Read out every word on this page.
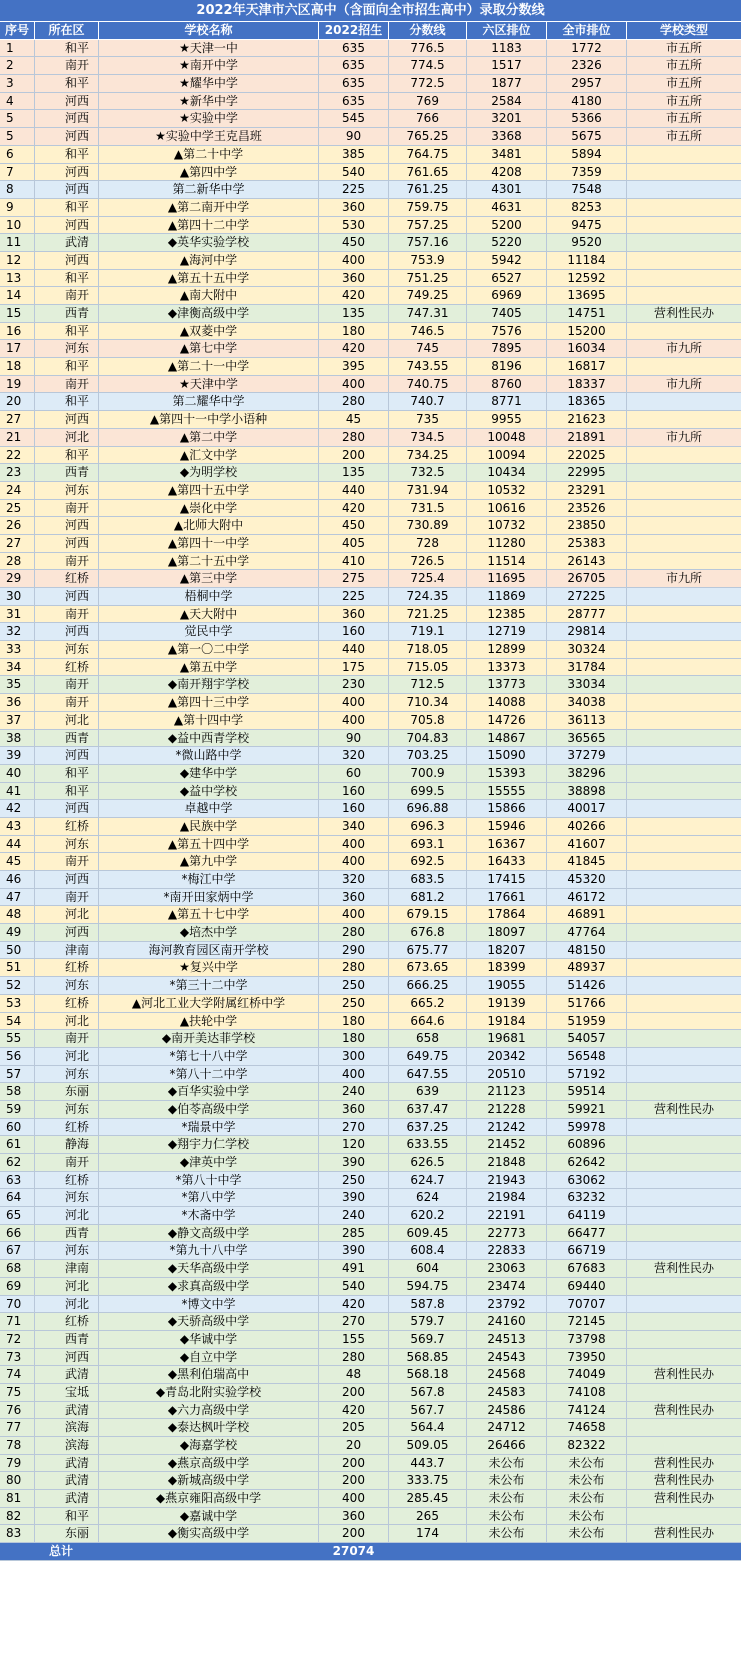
2022年天津市六区高中（含面向全市招生高中）录取分数线
序号	所在区	学校名称	2022招生	分数线	六区排位	全市排位	学校类型
1	和平	★天津一中	635	776.5	1183	1772	市五所
2	南开	★南开中学	635	774.5	1517	2326	市五所
3	和平	★耀华中学	635	772.5	1877	2957	市五所
4	河西	★新华中学	635	769	2584	4180	市五所
5	河西	★实验中学	545	766	3201	5366	市五所
5	河西	★实验中学王克昌班	90	765.25	3368	5675	市五所
6	和平	▲第二十中学	385	764.75	3481	5894
7	河西	▲第四中学	540	761.65	4208	7359
8	河西	第二新华中学	225	761.25	4301	7548
9	和平	▲第二南开中学	360	759.75	4631	8253
10	河西	▲第四十二中学	530	757.25	5200	9475
11	武清	◆英华实验学校	450	757.16	5220	9520
12	河西	▲海河中学	400	753.9	5942	11184
13	和平	▲第五十五中学	360	751.25	6527	12592
14	南开	▲南大附中	420	749.25	6969	13695
15	西青	◆津衡高级中学	135	747.31	7405	14751	营利性民办
16	和平	▲双菱中学	180	746.5	7576	15200
17	河东	▲第七中学	420	745	7895	16034	市九所
18	和平	▲第二十一中学	395	743.55	8196	16817
19	南开	★天津中学	400	740.75	8760	18337	市九所
20	和平	第二耀华中学	280	740.7	8771	18365
27	河西	▲第四十一中学小语种	45	735	9955	21623
21	河北	▲第二中学	280	734.5	10048	21891	市九所
22	和平	▲汇文中学	200	734.25	10094	22025
23	西青	◆为明学校	135	732.5	10434	22995
24	河东	▲第四十五中学	440	731.94	10532	23291
25	南开	▲崇化中学	420	731.5	10616	23526
26	河西	▲北师大附中	450	730.89	10732	23850
27	河西	▲第四十一中学	405	728	11280	25383
28	南开	▲第二十五中学	410	726.5	11514	26143
29	红桥	▲第三中学	275	725.4	11695	26705	市九所
30	河西	梧桐中学	225	724.35	11869	27225
31	南开	▲天大附中	360	721.25	12385	28777
32	河西	觉民中学	160	719.1	12719	29814
33	河东	▲第一〇二中学	440	718.05	12899	30324
34	红桥	▲第五中学	175	715.05	13373	31784
35	南开	◆南开翔宇学校	230	712.5	13773	33034
36	南开	▲第四十三中学	400	710.34	14088	34038
37	河北	▲第十四中学	400	705.8	14726	36113
38	西青	◆益中西青学校	90	704.83	14867	36565
39	河西	*微山路中学	320	703.25	15090	37279
40	和平	◆建华中学	60	700.9	15393	38296
41	和平	◆益中学校	160	699.5	15555	38898
42	河西	卓越中学	160	696.88	15866	40017
43	红桥	▲民族中学	340	696.3	15946	40266
44	河东	▲第五十四中学	400	693.1	16367	41607
45	南开	▲第九中学	400	692.5	16433	41845
46	河西	*梅江中学	320	683.5	17415	45320
47	南开	*南开田家炳中学	360	681.2	17661	46172
48	河北	▲第五十七中学	400	679.15	17864	46891
49	河西	◆培杰中学	280	676.8	18097	47764
50	津南	海河教育园区南开学校	290	675.77	18207	48150
51	红桥	★复兴中学	280	673.65	18399	48937
52	河东	*第三十二中学	250	666.25	19055	51426
53	红桥	▲河北工业大学附属红桥中学	250	665.2	19139	51766
54	河北	▲扶轮中学	180	664.6	19184	51959
55	南开	◆南开美达菲学校	180	658	19681	54057
56	河北	*第七十八中学	300	649.75	20342	56548
57	河东	*第八十二中学	400	647.55	20510	57192
58	东丽	◆百华实验中学	240	639	21123	59514
59	河东	◆伯苓高级中学	360	637.47	21228	59921	营利性民办
60	红桥	*瑞景中学	270	637.25	21242	59978
61	静海	◆翔宇力仁学校	120	633.55	21452	60896
62	南开	◆津英中学	390	626.5	21848	62642
63	红桥	*第八十中学	250	624.7	21943	63062
64	河东	*第八中学	390	624	21984	63232
65	河北	*木斋中学	240	620.2	22191	64119
66	西青	◆静文高级中学	285	609.45	22773	66477
67	河东	*第九十八中学	390	608.4	22833	66719
68	津南	◆天华高级中学	491	604	23063	67683	营利性民办
69	河北	◆求真高级中学	540	594.75	23474	69440
70	河北	*博文中学	420	587.8	23792	70707
71	红桥	◆天骄高级中学	270	579.7	24160	72145
72	西青	◆华诚中学	155	569.7	24513	73798
73	河西	◆自立中学	280	568.85	24543	73950
74	武清	◆黑利伯瑞高中	48	568.18	24568	74049	营利性民办
75	宝坻	◆青岛北附实验学校	200	567.8	24583	74108
76	武清	◆六力高级中学	420	567.7	24586	74124	营利性民办
77	滨海	◆泰达枫叶学校	205	564.4	24712	74658
78	滨海	◆海嘉学校	20	509.05	26466	82322
79	武清	◆燕京高级中学	200	443.7	未公布	未公布	营利性民办
80	武清	◆新城高级中学	200	333.75	未公布	未公布	营利性民办
81	武清	◆燕京雍阳高级中学	400	285.45	未公布	未公布	营利性民办
82	和平	◆嘉诚中学	360	265	未公布	未公布
83	东丽	◆衡实高级中学	200	174	未公布	未公布	营利性民办
总计	27074
